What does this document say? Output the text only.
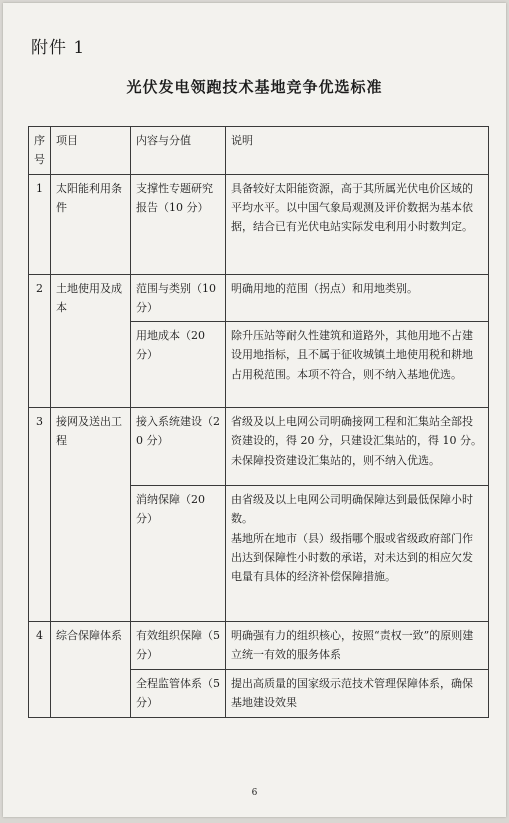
附件 1
光伏发电领跑技术基地竞争优选标准
序号	项目	内容与分值	说明
1	太阳能利用条件	支撑性专题研究报告（10 分）	具备较好太阳能资源，高于其所属光伏电价区域的平均水平。以中国气象局观测及评价数据为基本依据，结合已有光伏电站实际发电利用小时数判定。
2	土地使用及成本	范围与类别（10 分）	明确用地的范围（拐点）和用地类别。
		用地成本（20 分）	除升压站等耐久性建筑和道路外，其他用地不占建设用地指标，且不属于征收城镇土地使用税和耕地占用税范围。本项不符合，则不纳入基地优选。
3	接网及送出工程	接入系统建设（20 分）	省级及以上电网公司明确接网工程和汇集站全部投资建设的，得 20 分，只建设汇集站的，得 10 分。未保障投资建设汇集站的，则不纳入优选。
		消纳保障（20 分）	由省级及以上电网公司明确保障达到最低保障小时数。
基地所在地市（县）级指哪个服或省级政府部门作出达到保障性小时数的承诺，对未达到的相应欠发电量有具体的经济补偿保障措施。

4	综合保障体系	有效组织保障（5 分）	明确强有力的组织核心，按照“责权一致”的原则建立统一有效的服务体系
		全程监管体系（5 分）	提出高质量的国家级示范技术管理保障体系，确保基地建设效果
6
